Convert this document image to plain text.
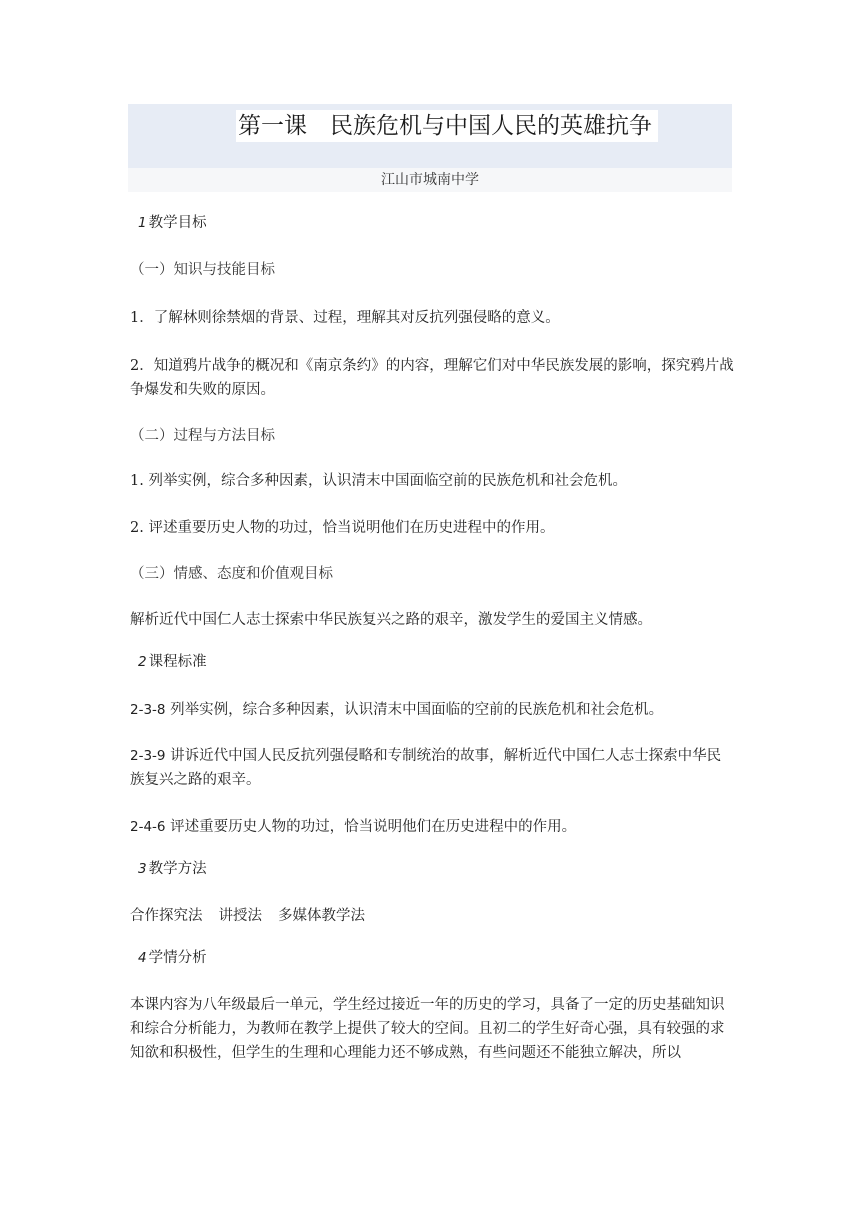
第一课　民族危机与中国人民的英雄抗争
江山市城南中学
1 教学目标
（一）知识与技能目标

1．了解林则徐禁烟的背景、过程，理解其对反抗列强侵略的意义。

2．知道鸦片战争的概况和《南京条约》的内容，理解它们对中华民族发展的影响，探究鸦片战争爆发和失败的原因。

（二）过程与方法目标

1. 列举实例，综合多种因素，认识清末中国面临空前的民族危机和社会危机。

2. 评述重要历史人物的功过，恰当说明他们在历史进程中的作用。

（三）情感、态度和价值观目标

解析近代中国仁人志士探索中华民族复兴之路的艰辛，激发学生的爱国主义情感。

2 课程标准

2-3-8 列举实例，综合多种因素，认识清末中国面临的空前的民族危机和社会危机。

2-3-9 讲诉近代中国人民反抗列强侵略和专制统治的故事，解析近代中国仁人志士探索中华民族复兴之路的艰辛。

2-4-6 评述重要历史人物的功过，恰当说明他们在历史进程中的作用。

3 教学方法

合作探究法 讲授法 多媒体教学法

4 学情分析

本课内容为八年级最后一单元，学生经过接近一年的历史的学习，具备了一定的历史基础知识和综合分析能力，为教师在教学上提供了较大的空间。且初二的学生好奇心强，具有较强的求知欲和积极性，但学生的生理和心理能力还不够成熟，有些问题还不能独立解决，所以
